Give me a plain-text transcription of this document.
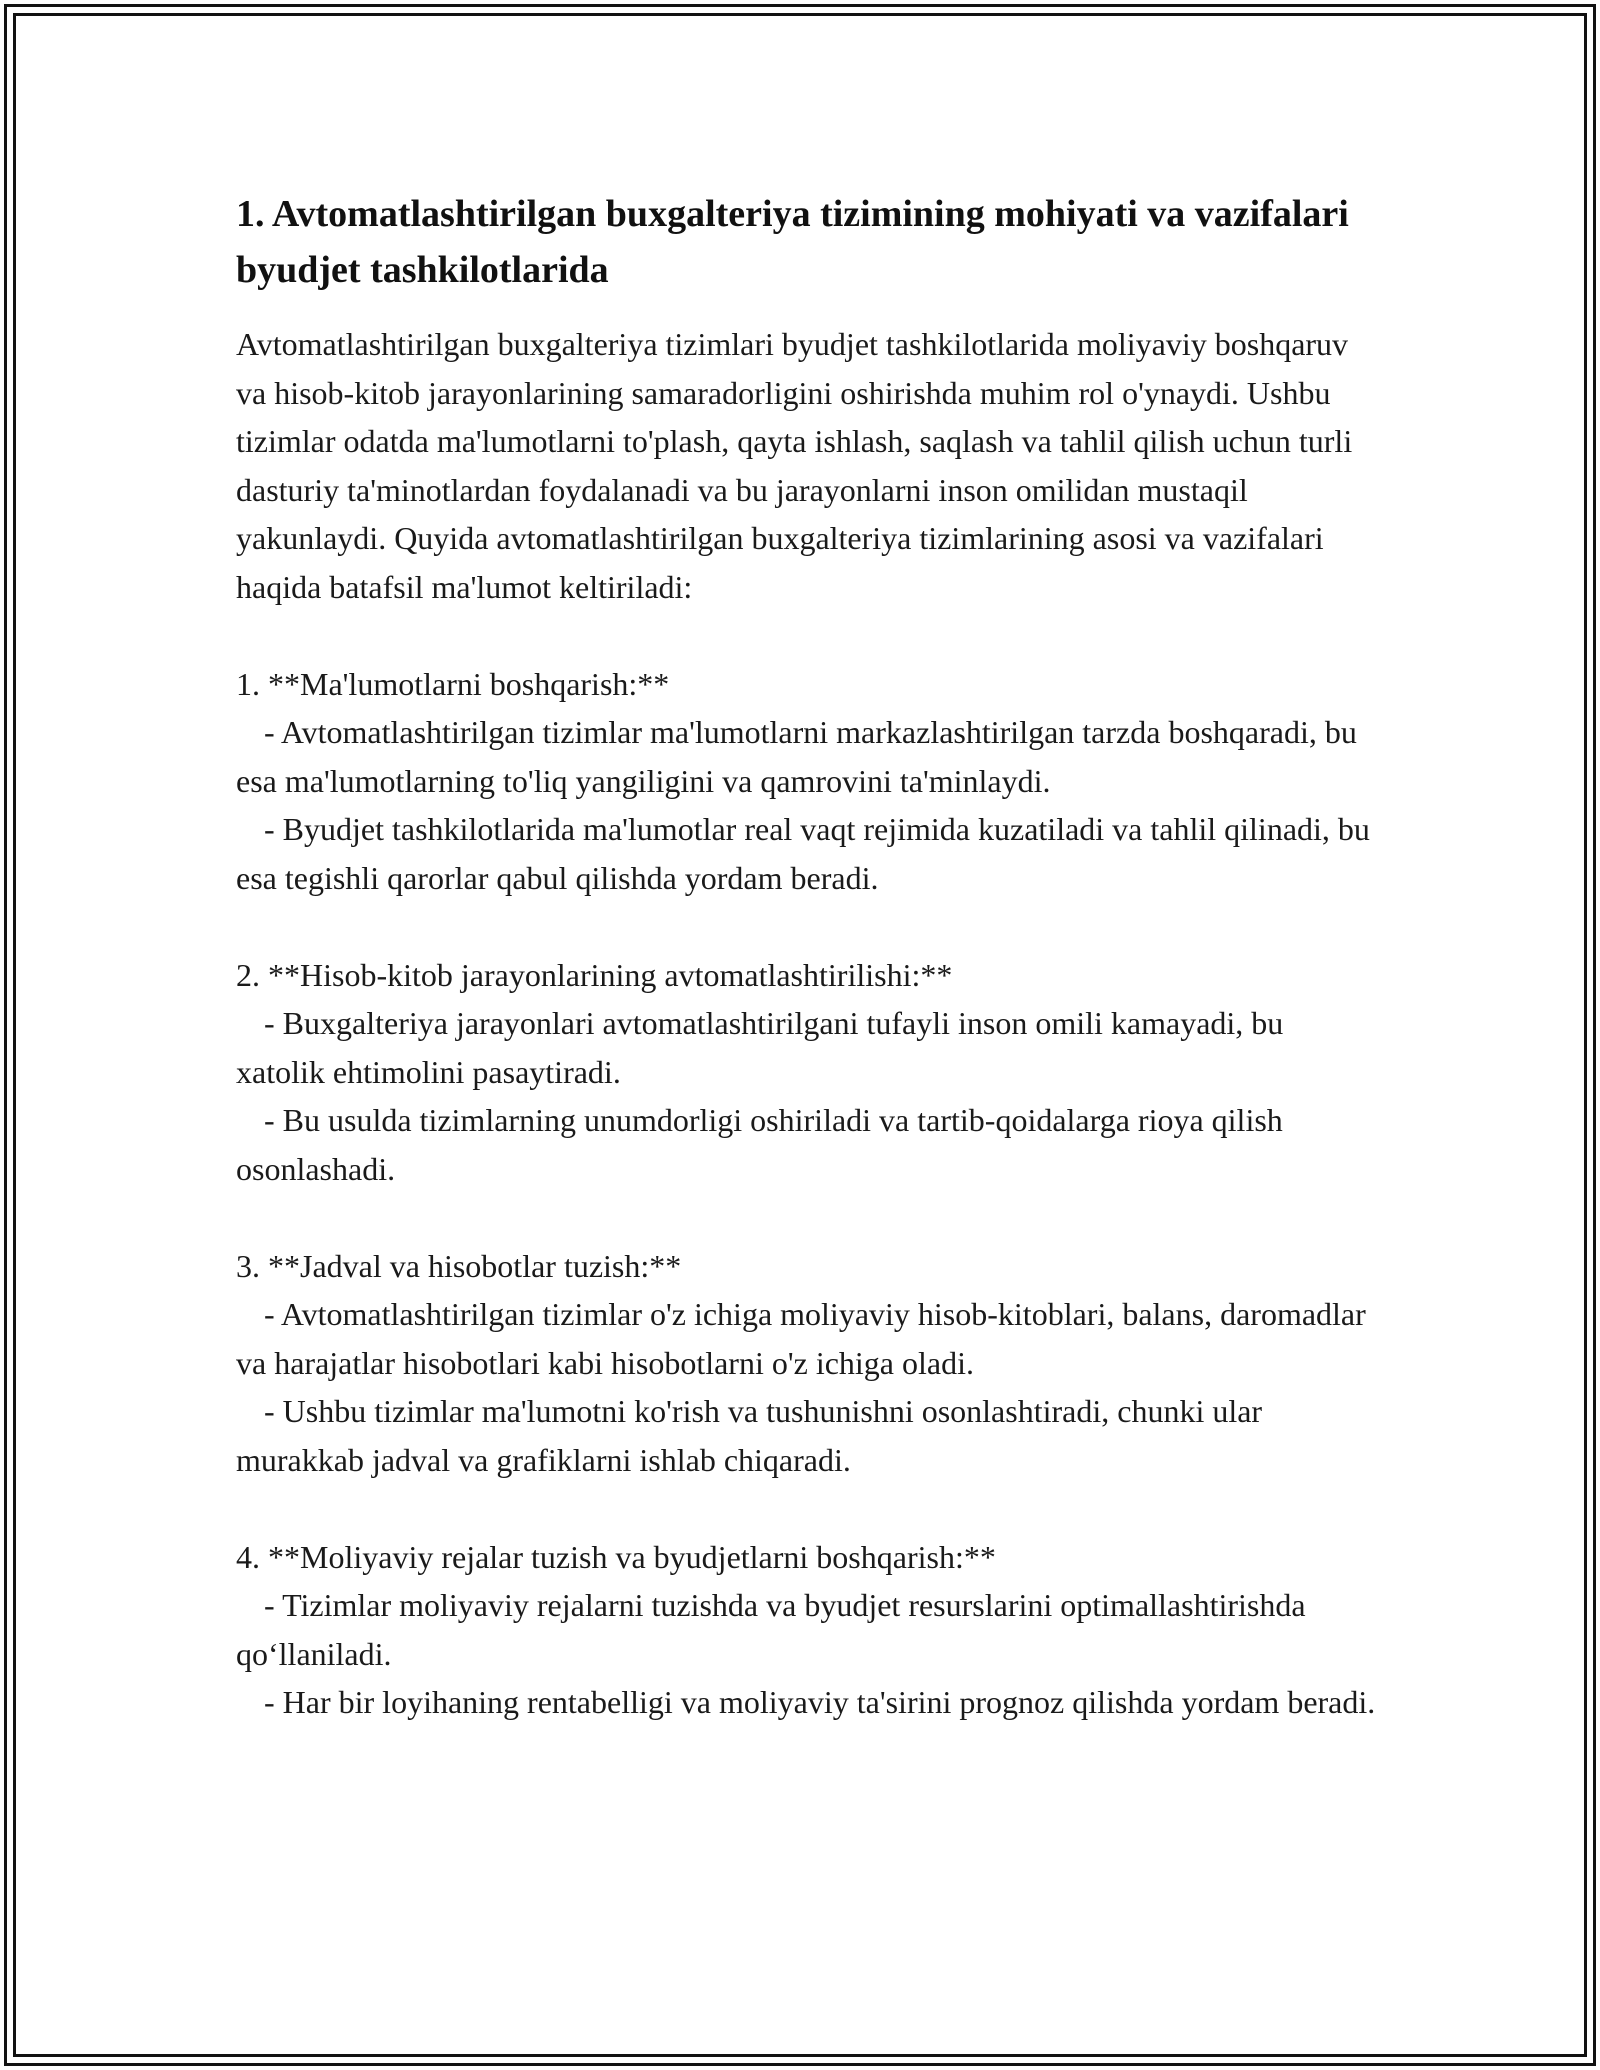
1. Avtomatlashtirilgan buxgalteriya tizimining mohiyati va vazifalari byudjet tashkilotlarida

Avtomatlashtirilgan buxgalteriya tizimlari byudjet tashkilotlarida moliyaviy boshqaruv va hisob-kitob jarayonlarining samaradorligini oshirishda muhim rol o'ynaydi. Ushbu tizimlar odatda ma'lumotlarni to'plash, qayta ishlash, saqlash va tahlil qilish uchun turli dasturiy ta'minotlardan foydalanadi va bu jarayonlarni inson omilidan mustaqil yakunlaydi. Quyida avtomatlashtirilgan buxgalteriya tizimlarining asosi va vazifalari haqida batafsil ma'lumot keltiriladi:

1. **Ma'lumotlarni boshqarish:**
- Avtomatlashtirilgan tizimlar ma'lumotlarni markazlashtirilgan tarzda boshqaradi, bu esa ma'lumotlarning to'liq yangiligini va qamrovini ta'minlaydi.
- Byudjet tashkilotlarida ma'lumotlar real vaqt rejimida kuzatiladi va tahlil qilinadi, bu esa tegishli qarorlar qabul qilishda yordam beradi.
2. **Hisob-kitob jarayonlarining avtomatlashtirilishi:**
- Buxgalteriya jarayonlari avtomatlashtirilgani tufayli inson omili kamayadi, bu xatolik ehtimolini pasaytiradi.
- Bu usulda tizimlarning unumdorligi oshiriladi va tartib-qoidalarga rioya qilish osonlashadi.
3. **Jadval va hisobotlar tuzish:**
- Avtomatlashtirilgan tizimlar o'z ichiga moliyaviy hisob-kitoblari, balans, daromadlar va harajatlar hisobotlari kabi hisobotlarni o'z ichiga oladi.
- Ushbu tizimlar ma'lumotni ko'rish va tushunishni osonlashtiradi, chunki ular murakkab jadval va grafiklarni ishlab chiqaradi.
4. **Moliyaviy rejalar tuzish va byudjetlarni boshqarish:**
- Tizimlar moliyaviy rejalarni tuzishda va byudjet resurslarini optimallashtirishda qo‘llaniladi.
- Har bir loyihaning rentabelligi va moliyaviy ta'sirini prognoz qilishda yordam beradi.
